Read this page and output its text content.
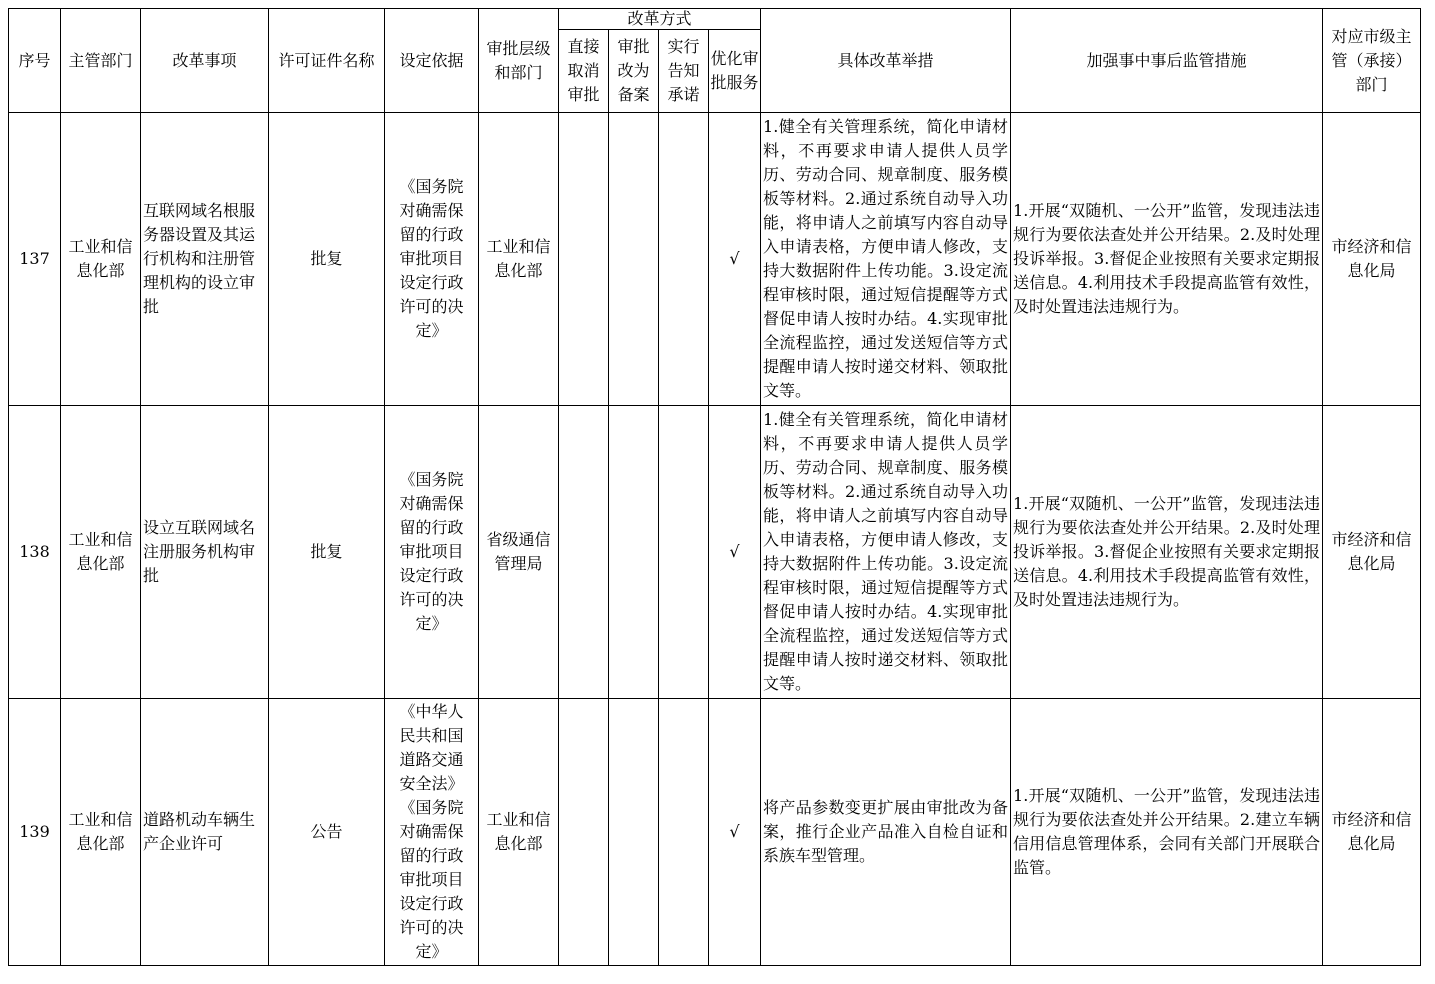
序号	主管部门	改革事项	许可证件名称	设定依据	审批层级和部门	改革方式				具体改革举措	加强事中事后监管措施	对应市级主管（承接）部门
						直接取消审批	审批改为备案	实行告知承诺	优化审批服务			
137	工业和信息化部	互联网域名根服务器设置及其运行机构和注册管理机构的设立审批	批复	《国务院对确需保留的行政审批项目设定行政许可的决定》	工业和信息化部				√	1.健全有关管理系统，简化申请材料，不再要求申请人提供人员学历、劳动合同、规章制度、服务模板等材料。2.通过系统自动导入功能，将申请人之前填写内容自动导入申请表格，方便申请人修改，支持大数据附件上传功能。3.设定流程审核时限，通过短信提醒等方式督促申请人按时办结。4.实现审批全流程监控，通过发送短信等方式提醒申请人按时递交材料、领取批文等。	1.开展“双随机、一公开”监管，发现违法违规行为要依法查处并公开结果。2.及时处理投诉举报。3.督促企业按照有关要求定期报送信息。4.利用技术手段提高监管有效性，及时处置违法违规行为。	市经济和信息化局
138	工业和信息化部	设立互联网域名注册服务机构审批	批复	《国务院对确需保留的行政审批项目设定行政许可的决定》	省级通信管理局				√	1.健全有关管理系统，简化申请材料，不再要求申请人提供人员学历、劳动合同、规章制度、服务模板等材料。2.通过系统自动导入功能，将申请人之前填写内容自动导入申请表格，方便申请人修改，支持大数据附件上传功能。3.设定流程审核时限，通过短信提醒等方式督促申请人按时办结。4.实现审批全流程监控，通过发送短信等方式提醒申请人按时递交材料、领取批文等。	1.开展“双随机、一公开”监管，发现违法违规行为要依法查处并公开结果。2.及时处理投诉举报。3.督促企业按照有关要求定期报送信息。4.利用技术手段提高监管有效性，及时处置违法违规行为。	市经济和信息化局
139	工业和信息化部	道路机动车辆生产企业许可	公告	《中华人民共和国道路交通安全法》《国务院对确需保留的行政审批项目设定行政许可的决定》	工业和信息化部				√	将产品参数变更扩展由审批改为备案，推行企业产品准入自检自证和系族车型管理。	1.开展“双随机、一公开”监管，发现违法违规行为要依法查处并公开结果。2.建立车辆信用信息管理体系，会同有关部门开展联合监管。	市经济和信息化局
